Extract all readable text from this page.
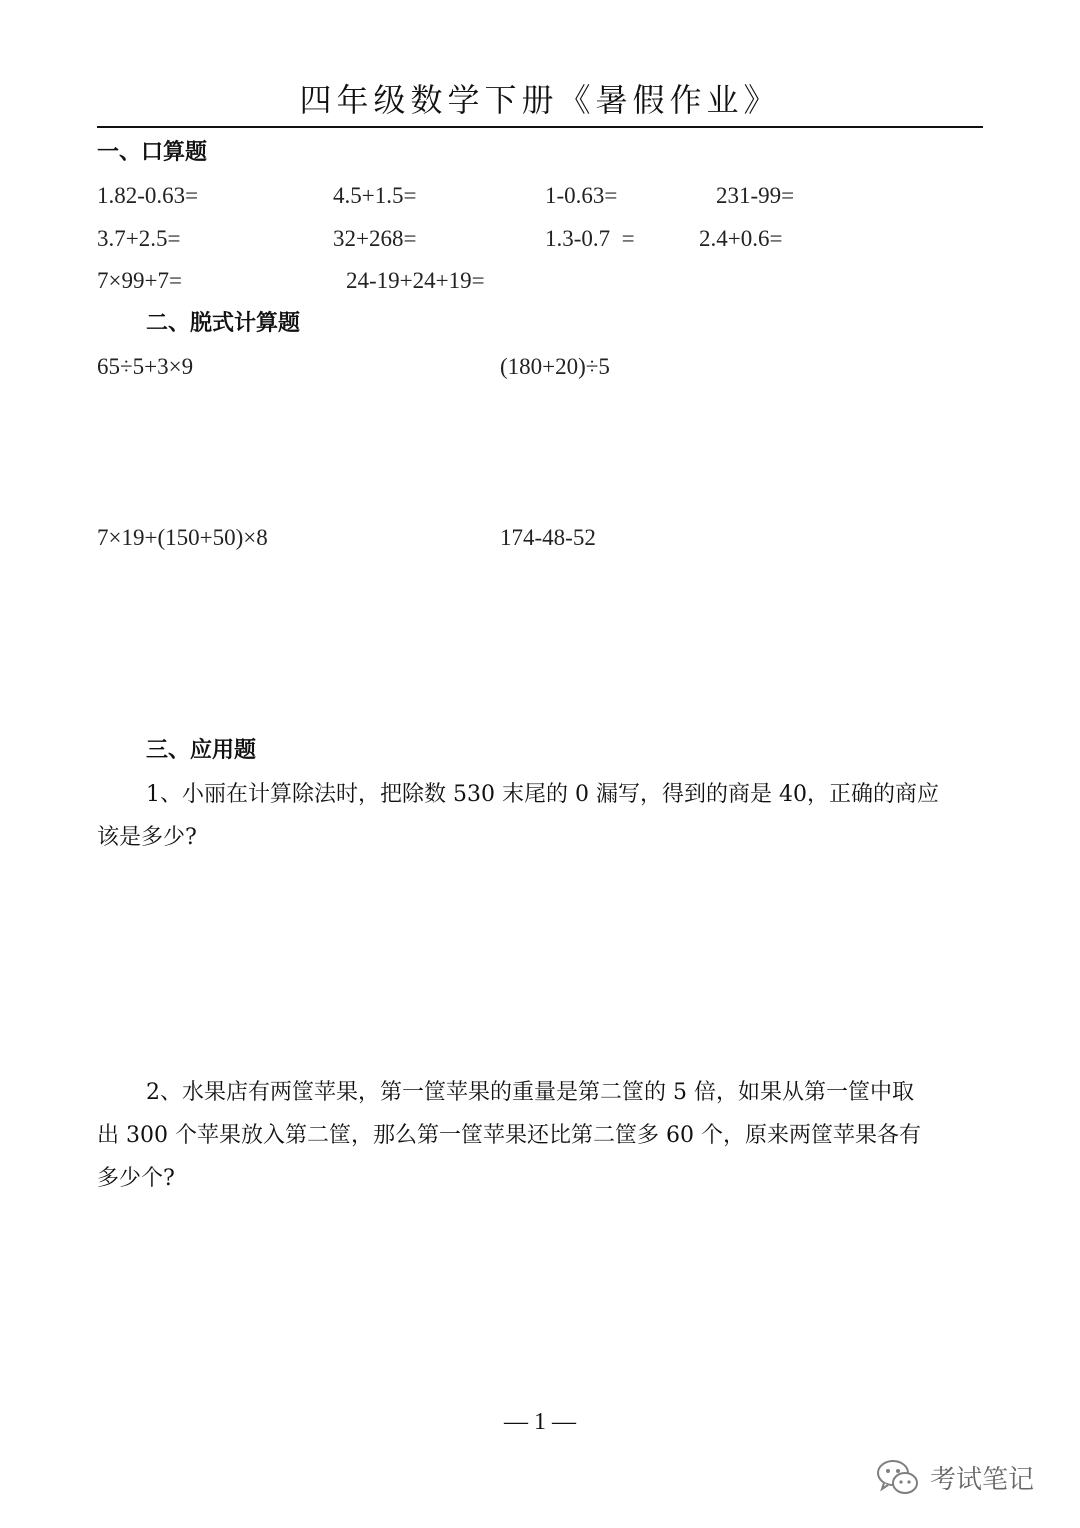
四年级数学下册《暑假作业》
一、口算题
1.82-0.63=	4.5+1.5=	1-0.63=	231-99=
3.7+2.5=	32+268=	1.3-0.7  =	2.4+0.6=
7×99+7=	24-19+24+19=
二、脱式计算题
65÷5+3×9	(180+20)÷5
7×19+(150+50)×8	174-48-52
三、应用题
1、小丽在计算除法时，把除数 530 末尾的 0 漏写，得到的商是 40，正确的商应
该是多少?
2、水果店有两筐苹果，第一筐苹果的重量是第二筐的 5 倍，如果从第一筐中取
出 300 个苹果放入第二筐，那么第一筐苹果还比第二筐多 60 个，原来两筐苹果各有
多少个?
— 1 —
考试笔记
